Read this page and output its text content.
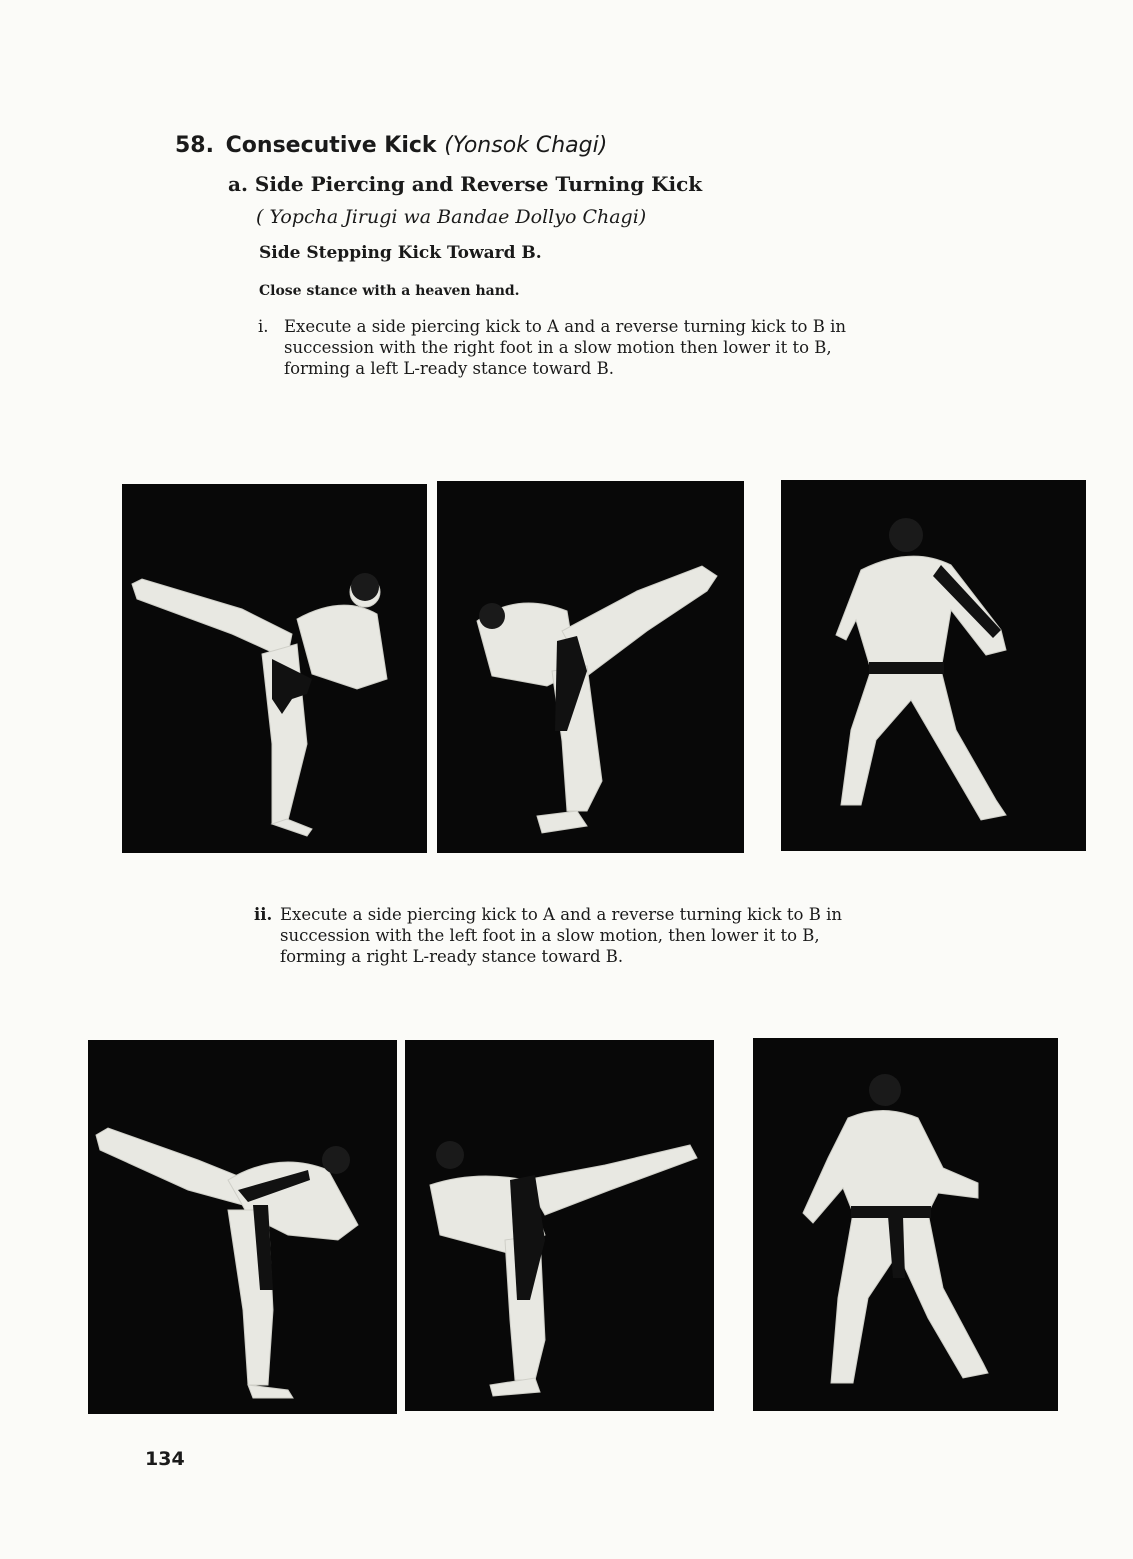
58. Consecutive Kick (Yonsok Chagi)

a. Side Piercing and Reverse Turning Kick

( Yopcha Jirugi wa Bandae Dollyo Chagi)

Side Stepping Kick Toward B.

Close stance with a heaven hand.

i. Execute a side piercing kick to A and a reverse turning kick to B in
succession with the right foot in a slow motion then lower it to B,
forming a left L-ready stance toward B.

ii. Execute a side piercing kick to A and a reverse turning kick to B in
succession with the left foot in a slow motion, then lower it to B,
forming a right L-ready stance toward B.

134
